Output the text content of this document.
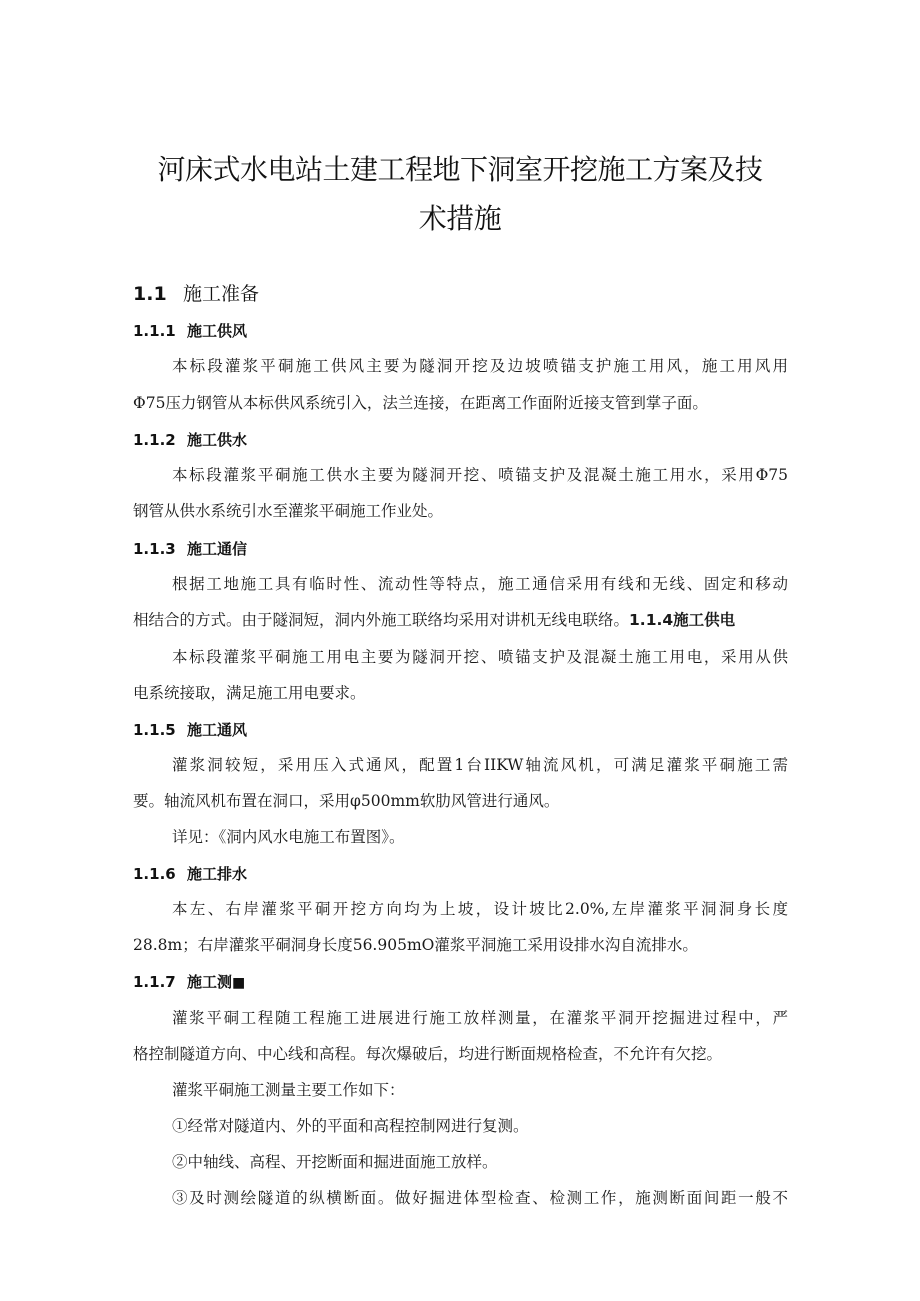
河床式水电站土建工程地下洞室开挖施工方案及技
术措施
1.1 施工准备
1.1.1 施工供风
本标段灌浆平硐施工供风主要为隧洞开挖及边坡喷锚支护施工用风，施工用风用
Φ75压力钢管从本标供风系统引入，法兰连接，在距离工作面附近接支管到掌子面。
1.1.2 施工供水
本标段灌浆平硐施工供水主要为隧洞开挖、喷锚支护及混凝土施工用水，采用Φ75
钢管从供水系统引水至灌浆平硐施工作业处。
1.1.3 施工通信
根据工地施工具有临时性、流动性等特点，施工通信采用有线和无线、固定和移动
相结合的方式。由于隧洞短，洞内外施工联络均采用对讲机无线电联络。1.1.4施工供电
本标段灌浆平硐施工用电主要为隧洞开挖、喷锚支护及混凝土施工用电，采用从供
电系统接取，满足施工用电要求。
1.1.5 施工通风
灌浆洞较短，采用压入式通风，配置1台IIKW轴流风机，可满足灌浆平硐施工需
要。轴流风机布置在洞口，采用φ500mm软肋风管进行通风。
详见：《洞内风水电施工布置图》。
1.1.6 施工排水
本左、右岸灌浆平硐开挖方向均为上坡，设计坡比2.0%,左岸灌浆平洞洞身长度
28.8m；右岸灌浆平硐洞身长度56.905mO灌浆平洞施工采用设排水沟自流排水。
1.1.7 施工测■
灌浆平硐工程随工程施工进展进行施工放样测量，在灌浆平洞开挖掘进过程中，严
格控制隧道方向、中心线和高程。每次爆破后，均进行断面规格检查，不允许有欠挖。
灌浆平硐施工测量主要工作如下：
①经常对隧道内、外的平面和高程控制网进行复测。
②中轴线、高程、开挖断面和掘进面施工放样。
③及时测绘隧道的纵横断面。做好掘进体型检查、检测工作，施测断面间距一般不
